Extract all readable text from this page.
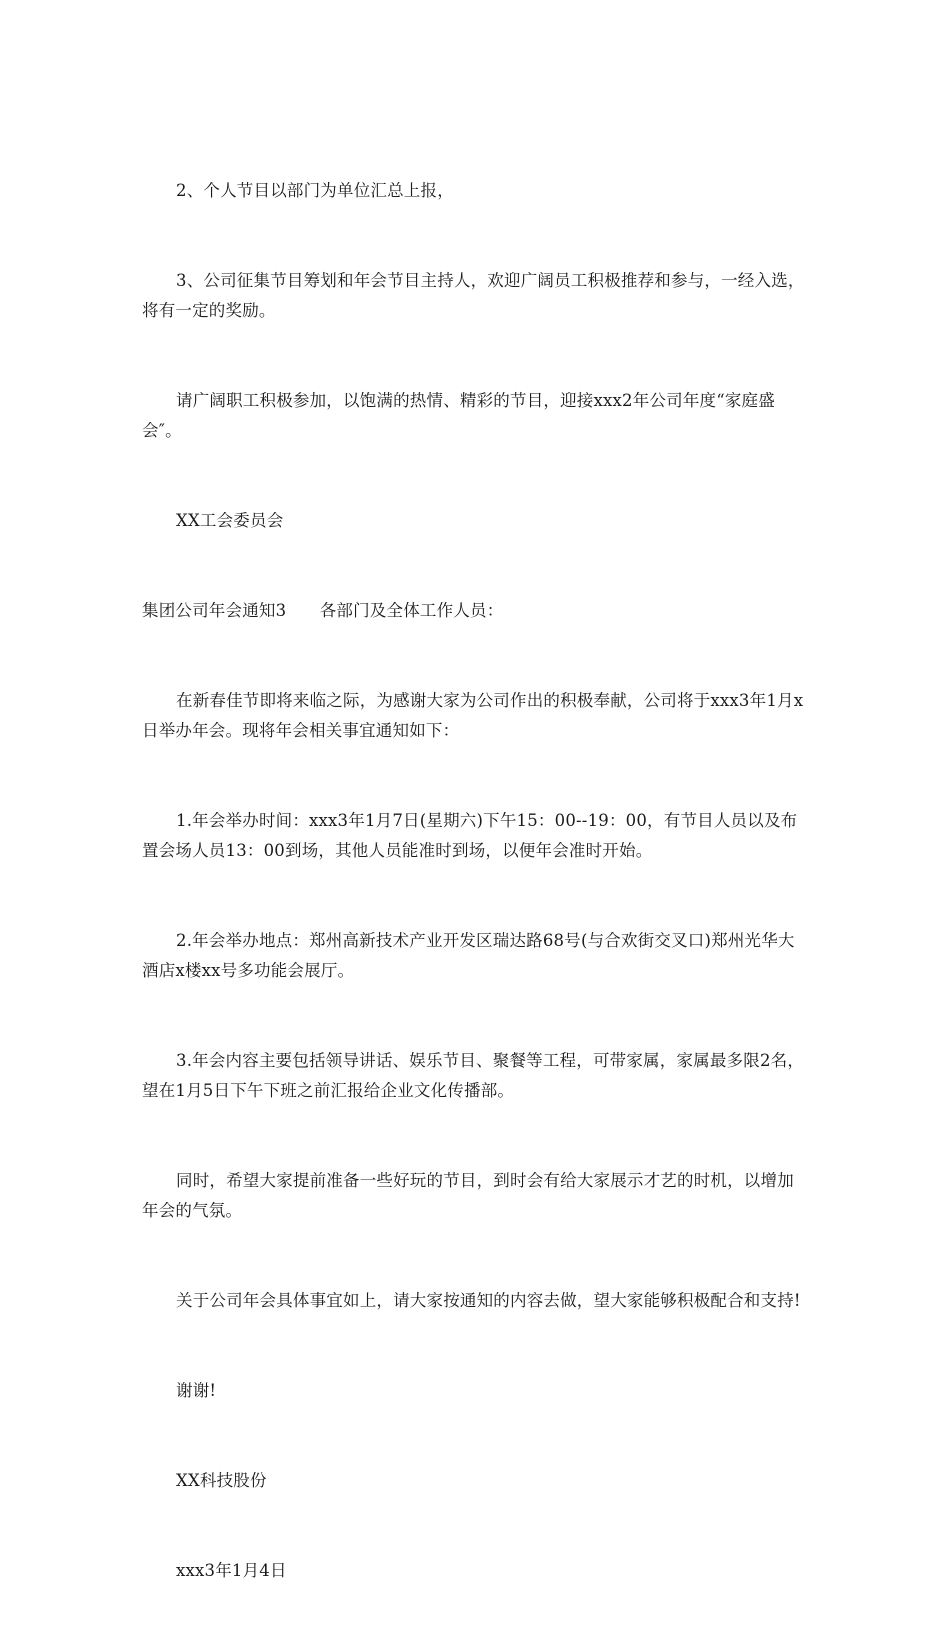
2、个人节目以部门为单位汇总上报，

3、公司征集节目筹划和年会节目主持人，欢迎广阔员工积极推荐和参与，一经入选，将有一定的奖励。

请广阔职工积极参加，以饱满的热情、精彩的节目，迎接xxx2年公司年度“家庭盛会″。

XX工会委员会

集团公司年会通知3　　各部门及全体工作人员：

在新春佳节即将来临之际，为感谢大家为公司作出的积极奉献，公司将于xxx3年1月x日举办年会。现将年会相关事宜通知如下：

1.年会举办时间：xxx3年1月7日(星期六)下午15：00--19：00，有节目人员以及布置会场人员13：00到场，其他人员能准时到场，以便年会准时开始。

2.年会举办地点：郑州高新技术产业开发区瑞达路68号(与合欢街交叉口)郑州光华大酒店x楼xx号多功能会展厅。

3.年会内容主要包括领导讲话、娱乐节目、聚餐等工程，可带家属，家属最多限2名，望在1月5日下午下班之前汇报给企业文化传播部。

同时，希望大家提前准备一些好玩的节目，到时会有给大家展示才艺的时机，以增加年会的气氛。

关于公司年会具体事宜如上，请大家按通知的内容去做，望大家能够积极配合和支持!

谢谢!

XX科技股份

xxx3年1月4日
